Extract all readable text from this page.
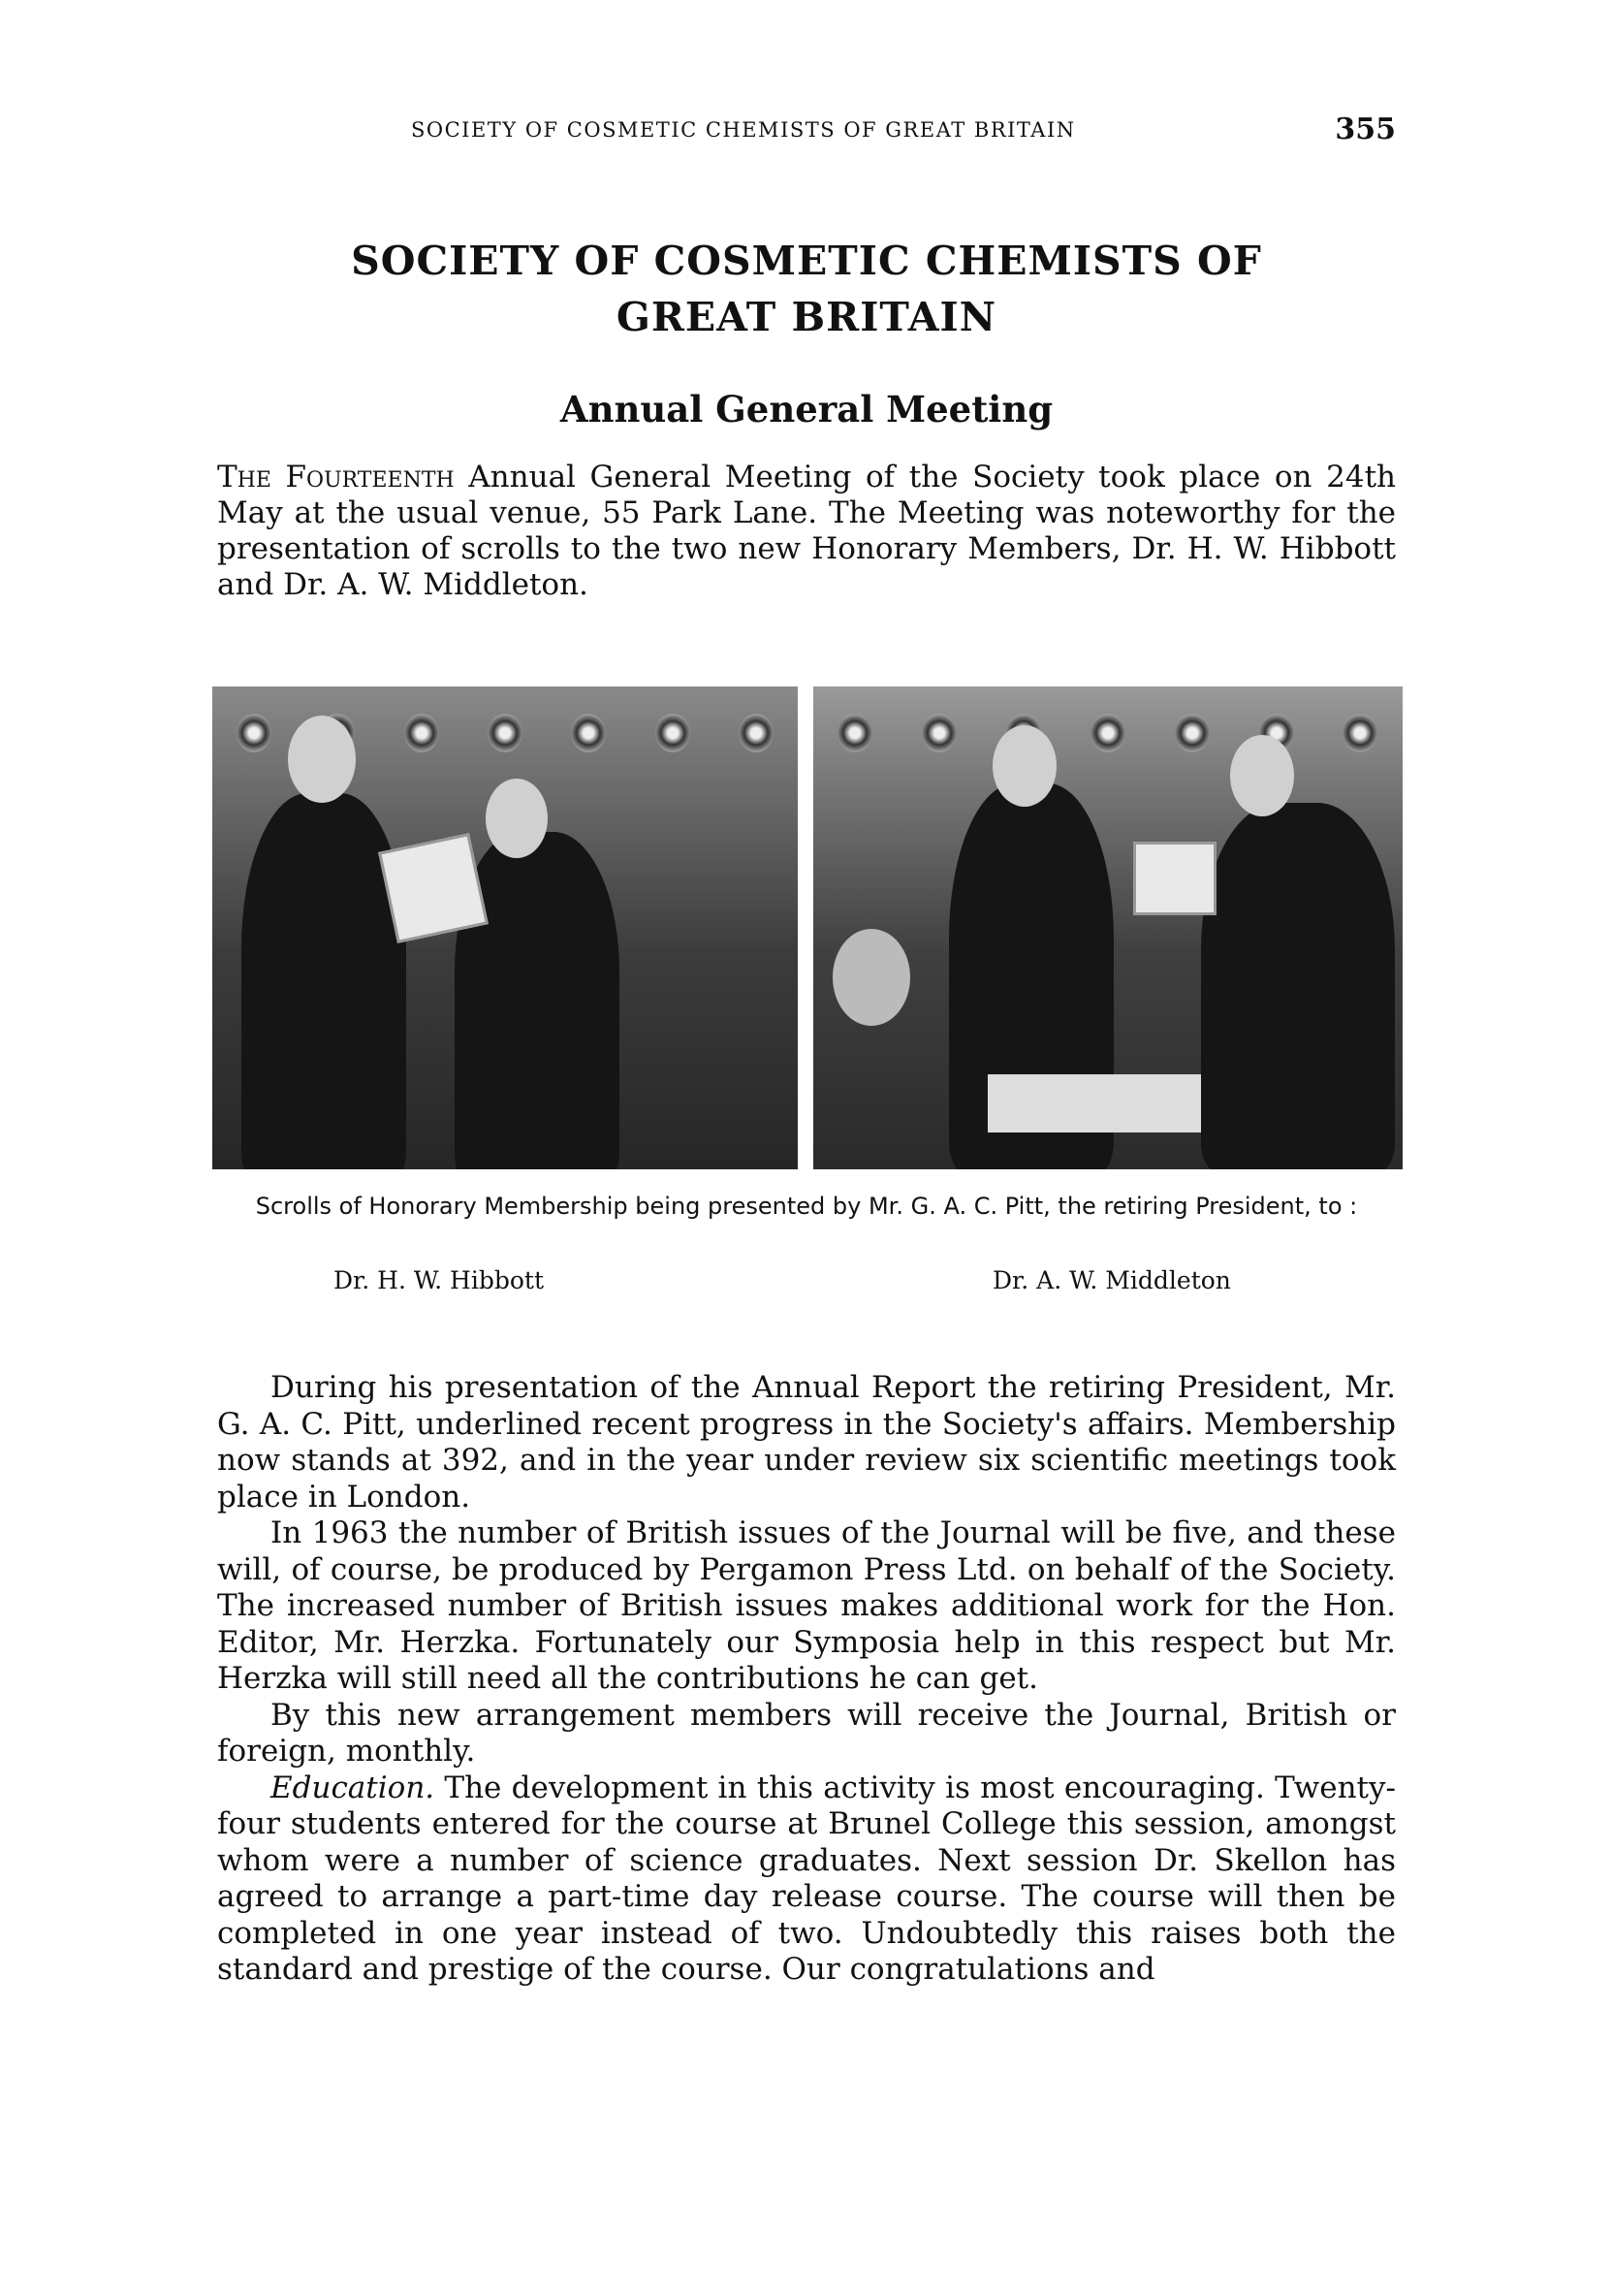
SOCIETY OF COSMETIC CHEMISTS OF GREAT BRITAIN	355
SOCIETY OF COSMETIC CHEMISTS OF
GREAT BRITAIN
Annual General Meeting
The Fourteenth Annual General Meeting of the Society took place on 24th May at the usual venue, 55 Park Lane. The Meeting was noteworthy for the presentation of scrolls to the two new Honorary Members, Dr. H. W. Hibbott and Dr. A. W. Middleton.
Scrolls of Honorary Membership being presented by Mr. G. A. C. Pitt, the retiring President, to :
Dr. H. W. Hibbott	Dr. A. W. Middleton

During his presentation of the Annual Report the retiring President, Mr. G. A. C. Pitt, underlined recent progress in the Society's affairs. Membership now stands at 392, and in the year under review six scientific meetings took place in London.

In 1963 the number of British issues of the Journal will be five, and these will, of course, be produced by Pergamon Press Ltd. on behalf of the Society. The increased number of British issues makes additional work for the Hon. Editor, Mr. Herzka. Fortunately our Symposia help in this respect but Mr. Herzka will still need all the contributions he can get.

By this new arrangement members will receive the Journal, British or foreign, monthly.

Education. The development in this activity is most encouraging. Twenty-four students entered for the course at Brunel College this session, amongst whom were a number of science graduates. Next session Dr. Skellon has agreed to arrange a part-time day release course. The course will then be completed in one year instead of two. Undoubtedly this raises both the standard and prestige of the course. Our congratulations and
